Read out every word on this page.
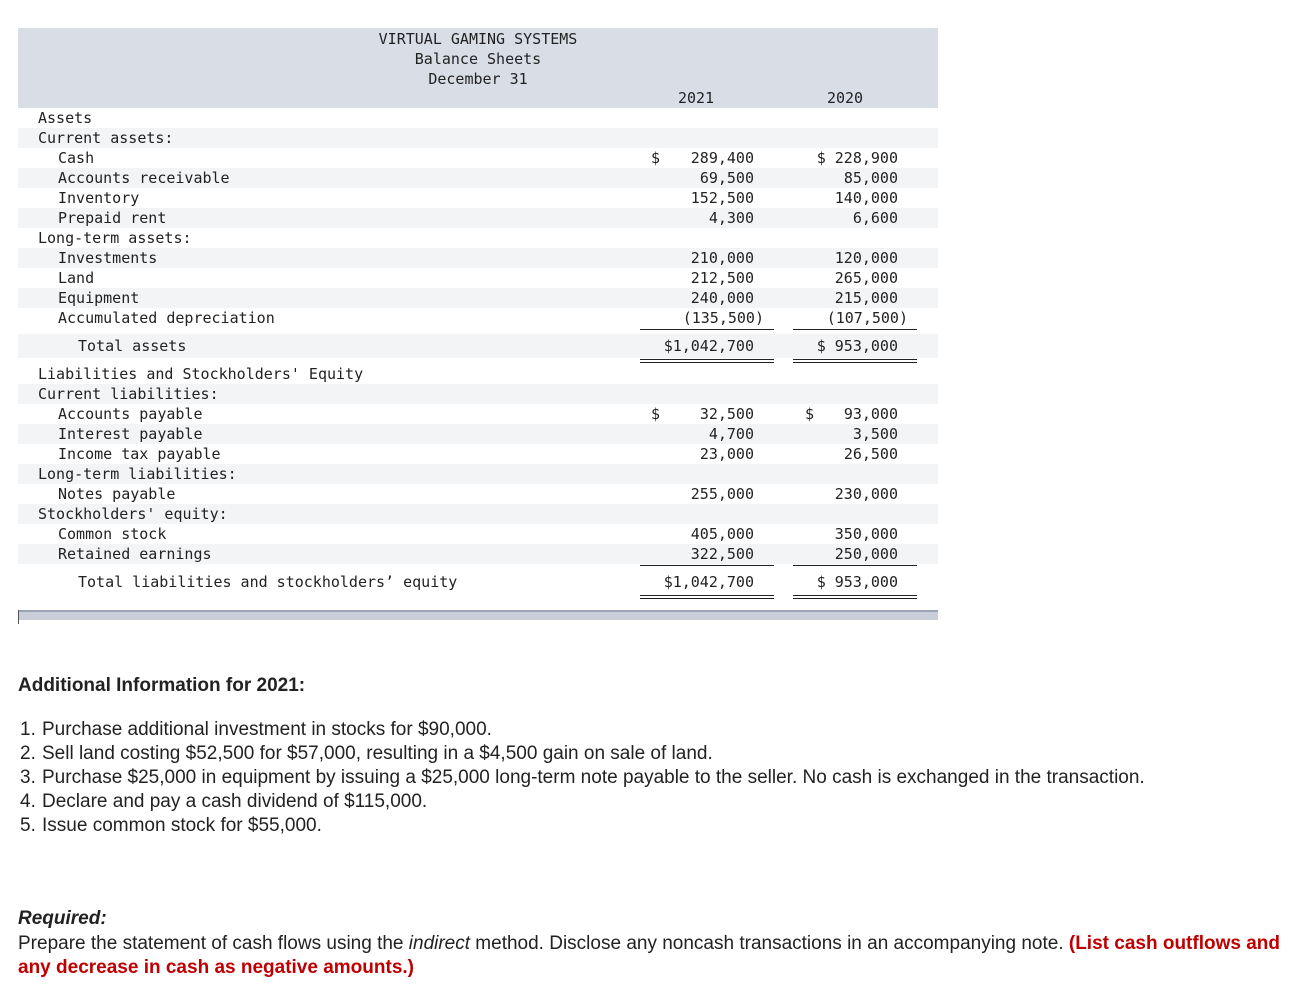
VIRTUAL GAMING SYSTEMS
Balance Sheets
December 31
2021	2020
Assets
Current assets:
Cash	$	289,400	$ 228,900
Accounts receivable	69,500	85,000
Inventory	152,500	140,000
Prepaid rent	4,300	6,600
Long-term assets:
Investments	210,000	120,000
Land	212,500	265,000
Equipment	240,000	215,000
Accumulated depreciation	(135,500)	(107,500)
Total assets	$1,042,700	$ 953,000
Liabilities and Stockholders' Equity
Current liabilities:
Accounts payable	$	32,500	$	93,000
Interest payable	4,700	3,500
Income tax payable	23,000	26,500
Long-term liabilities:
Notes payable	255,000	230,000
Stockholders' equity:
Common stock	405,000	350,000
Retained earnings	322,500	250,000
Total liabilities and stockholders’ equity	$1,042,700	$ 953,000
Additional Information for 2021:
1. Purchase additional investment in stocks for $90,000.
2. Sell land costing $52,500 for $57,000, resulting in a $4,500 gain on sale of land.
3. Purchase $25,000 in equipment by issuing a $25,000 long-term note payable to the seller. No cash is exchanged in the transaction.
4. Declare and pay a cash dividend of $115,000.
5. Issue common stock for $55,000.
Required:
Prepare the statement of cash flows using the indirect method. Disclose any noncash transactions in an accompanying note. (List cash outflows and any decrease in cash as negative amounts.)
